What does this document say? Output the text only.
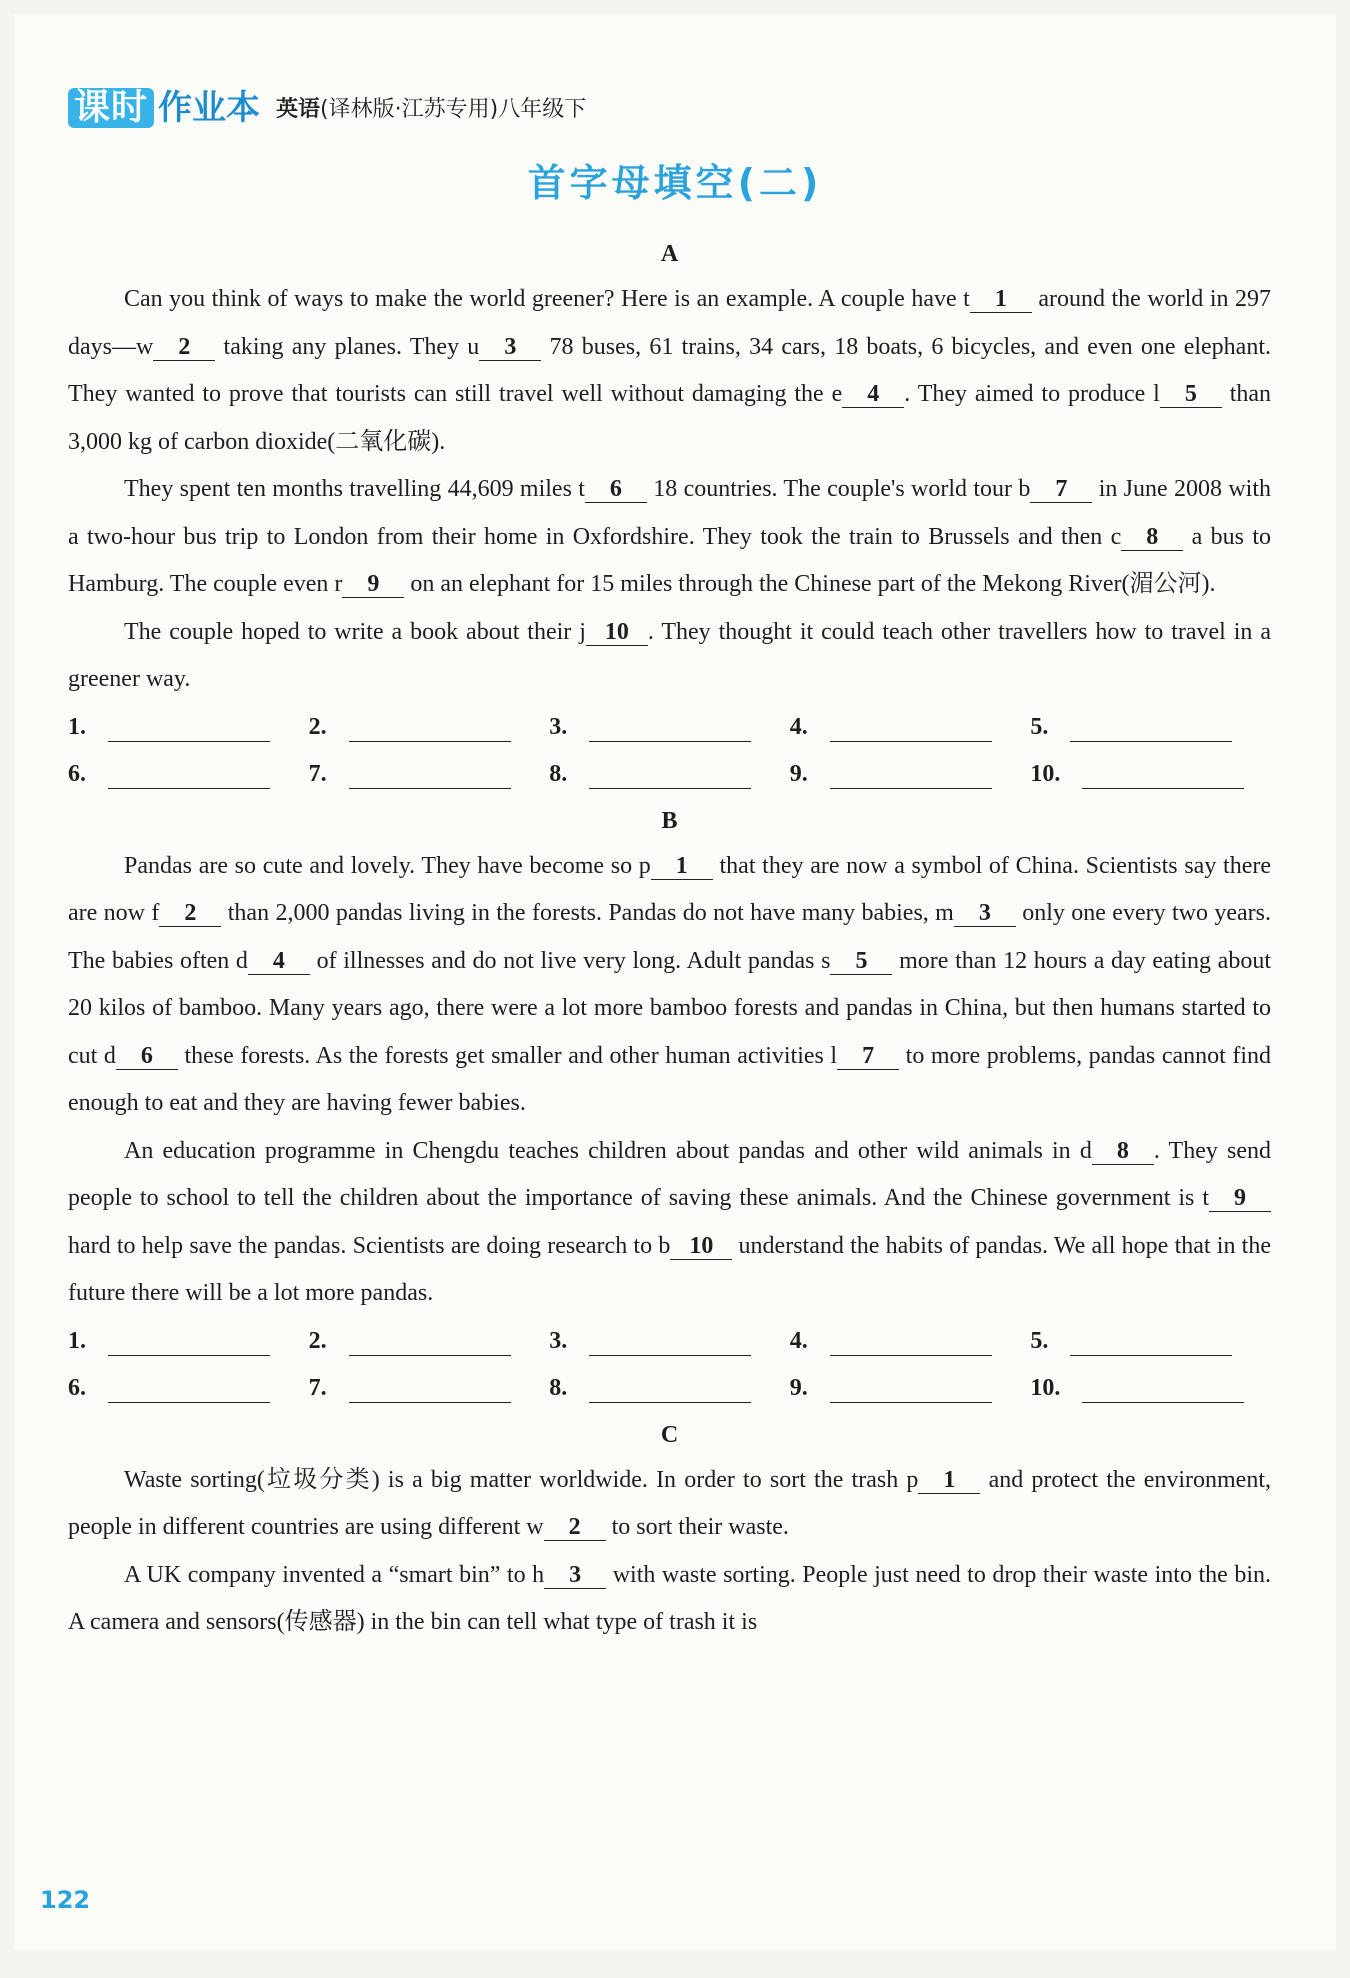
课时 作业本 英语(译林版·江苏专用)八年级下
首字母填空(二)
A

Can you think of ways to make the world greener? Here is an example. A couple have t 1 around the world in 297 days—w 2 taking any planes. They u 3 78 buses, 61 trains, 34 cars, 18 boats, 6 bicycles, and even one elephant. They wanted to prove that tourists can still travel well without damaging the e 4 . They aimed to produce l 5 than 3,000 kg of carbon dioxide(二氧化碳).

They spent ten months travelling 44,609 miles t 6 18 countries. The couple's world tour b 7 in June 2008 with a two-hour bus trip to London from their home in Oxfordshire. They took the train to Brussels and then c 8 a bus to Hamburg. The couple even r 9 on an elephant for 15 miles through the Chinese part of the Mekong River(湄公河).

The couple hoped to write a book about their j 10 . They thought it could teach other travellers how to travel in a greener way.

1.	2.	3.	4.	5.
6.	7.	8.	9.	10.
B

Pandas are so cute and lovely. They have become so p 1 that they are now a symbol of China. Scientists say there are now f 2 than 2,000 pandas living in the forests. Pandas do not have many babies, m 3 only one every two years. The babies often d 4 of illnesses and do not live very long. Adult pandas s 5 more than 12 hours a day eating about 20 kilos of bamboo. Many years ago, there were a lot more bamboo forests and pandas in China, but then humans started to cut d 6 these forests. As the forests get smaller and other human activities l 7 to more problems, pandas cannot find enough to eat and they are having fewer babies.

An education programme in Chengdu teaches children about pandas and other wild animals in d 8 . They send people to school to tell the children about the importance of saving these animals. And the Chinese government is t 9 hard to help save the pandas. Scientists are doing research to b 10 understand the habits of pandas. We all hope that in the future there will be a lot more pandas.

1.	2.	3.	4.	5.
6.	7.	8.	9.	10.
C

Waste sorting(垃圾分类) is a big matter worldwide. In order to sort the trash p 1 and protect the environment, people in different countries are using different w 2 to sort their waste.

A UK company invented a “smart bin” to h 3 with waste sorting. People just need to drop their waste into the bin. A camera and sensors(传感器) in the bin can tell what type of trash it is

122
